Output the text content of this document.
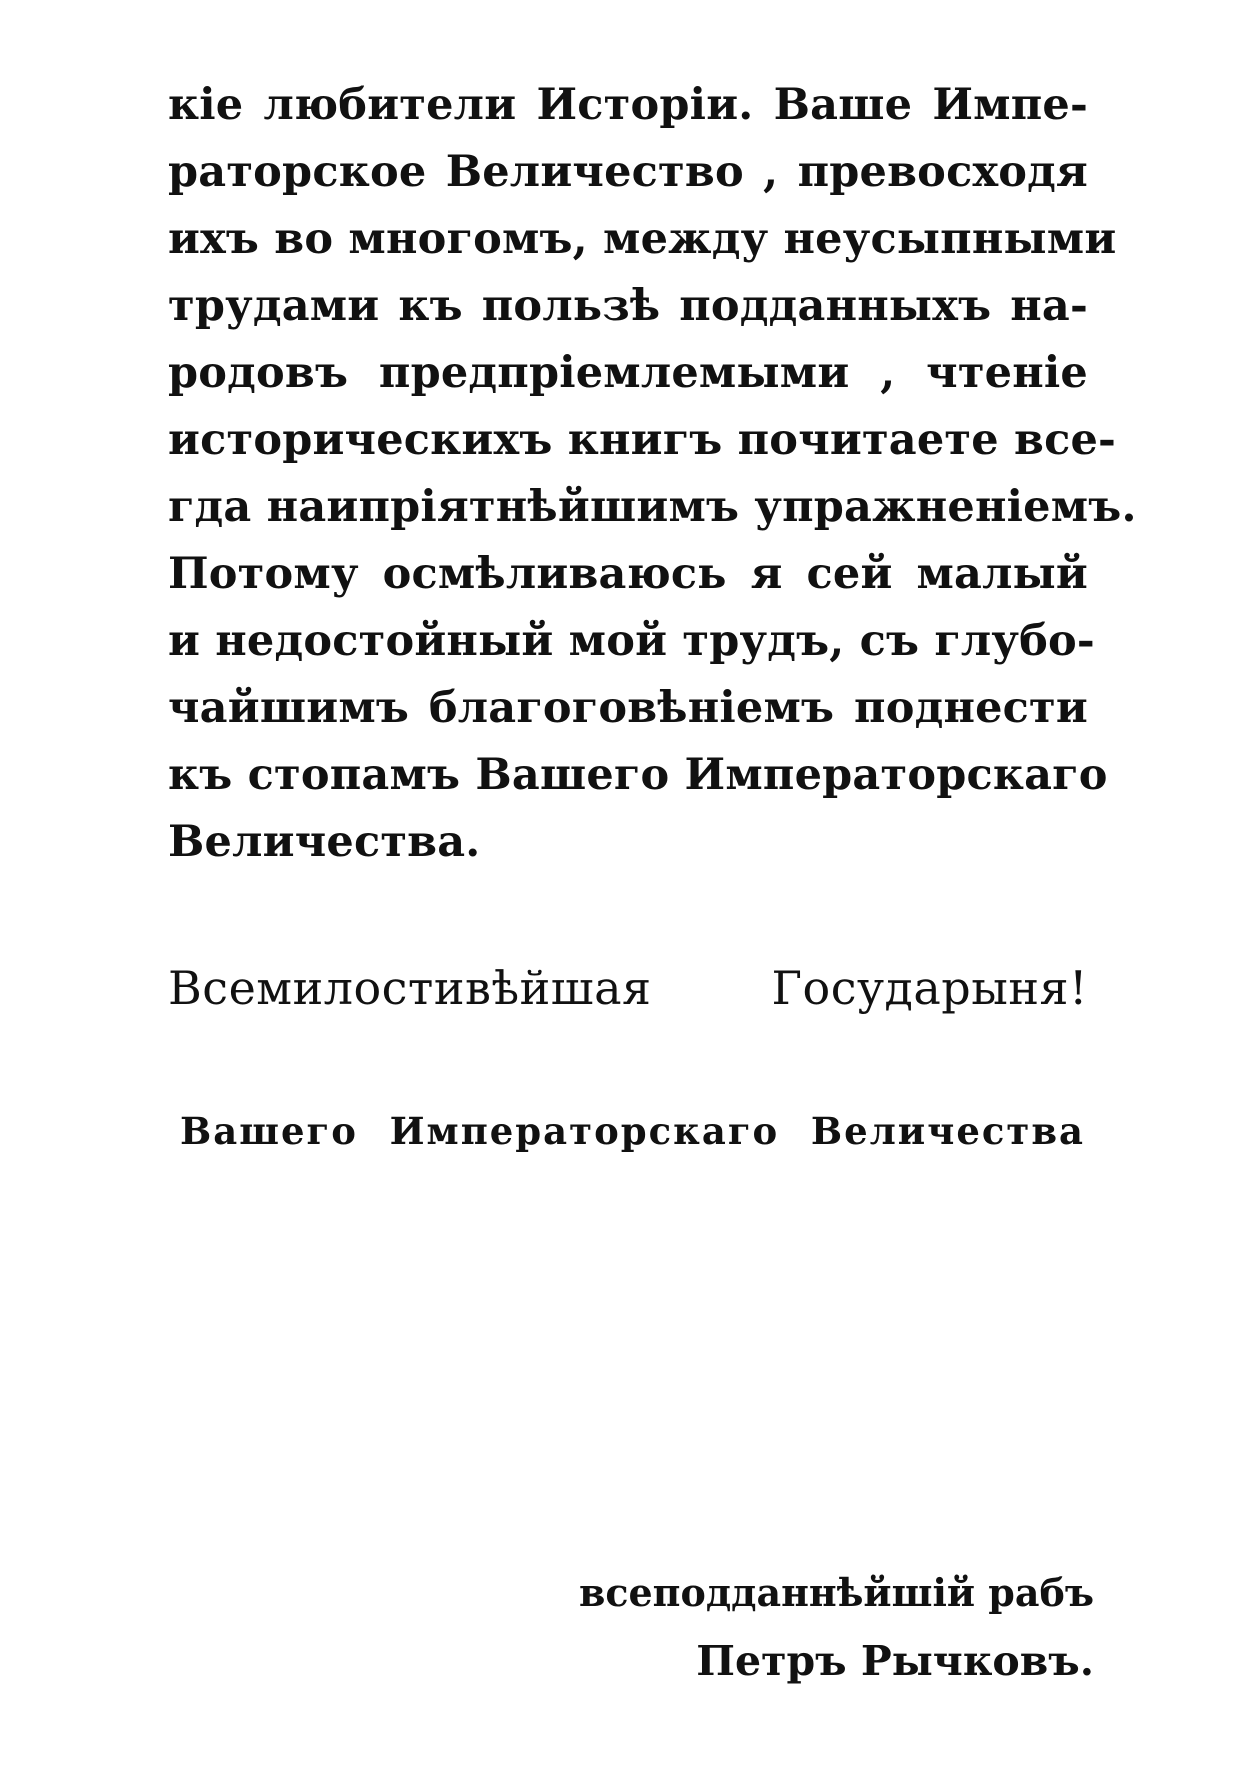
кіе любители Исторіи. Ваше Импе-
раторское Величество , превосходя
ихъ во многомъ, между неусыпными
трудами къ пользѣ подданныхъ на-
родовъ предпріемлемыми , чтеніе
историческихъ книгъ почитаете все-
гда наипріятнѣйшимъ упражненіемъ.
Потому осмѣливаюсь я сей малый
и недостойный мой трудъ, съ глубо-
чайшимъ благоговѣніемъ поднести
къ стопамъ Вашего Императорскаго
Величества.

Всемилостивѣйшая Государыня!

Вашего Императорскаго Величества

всеподданнѣйшій рабъ

Петръ Рычковъ.
